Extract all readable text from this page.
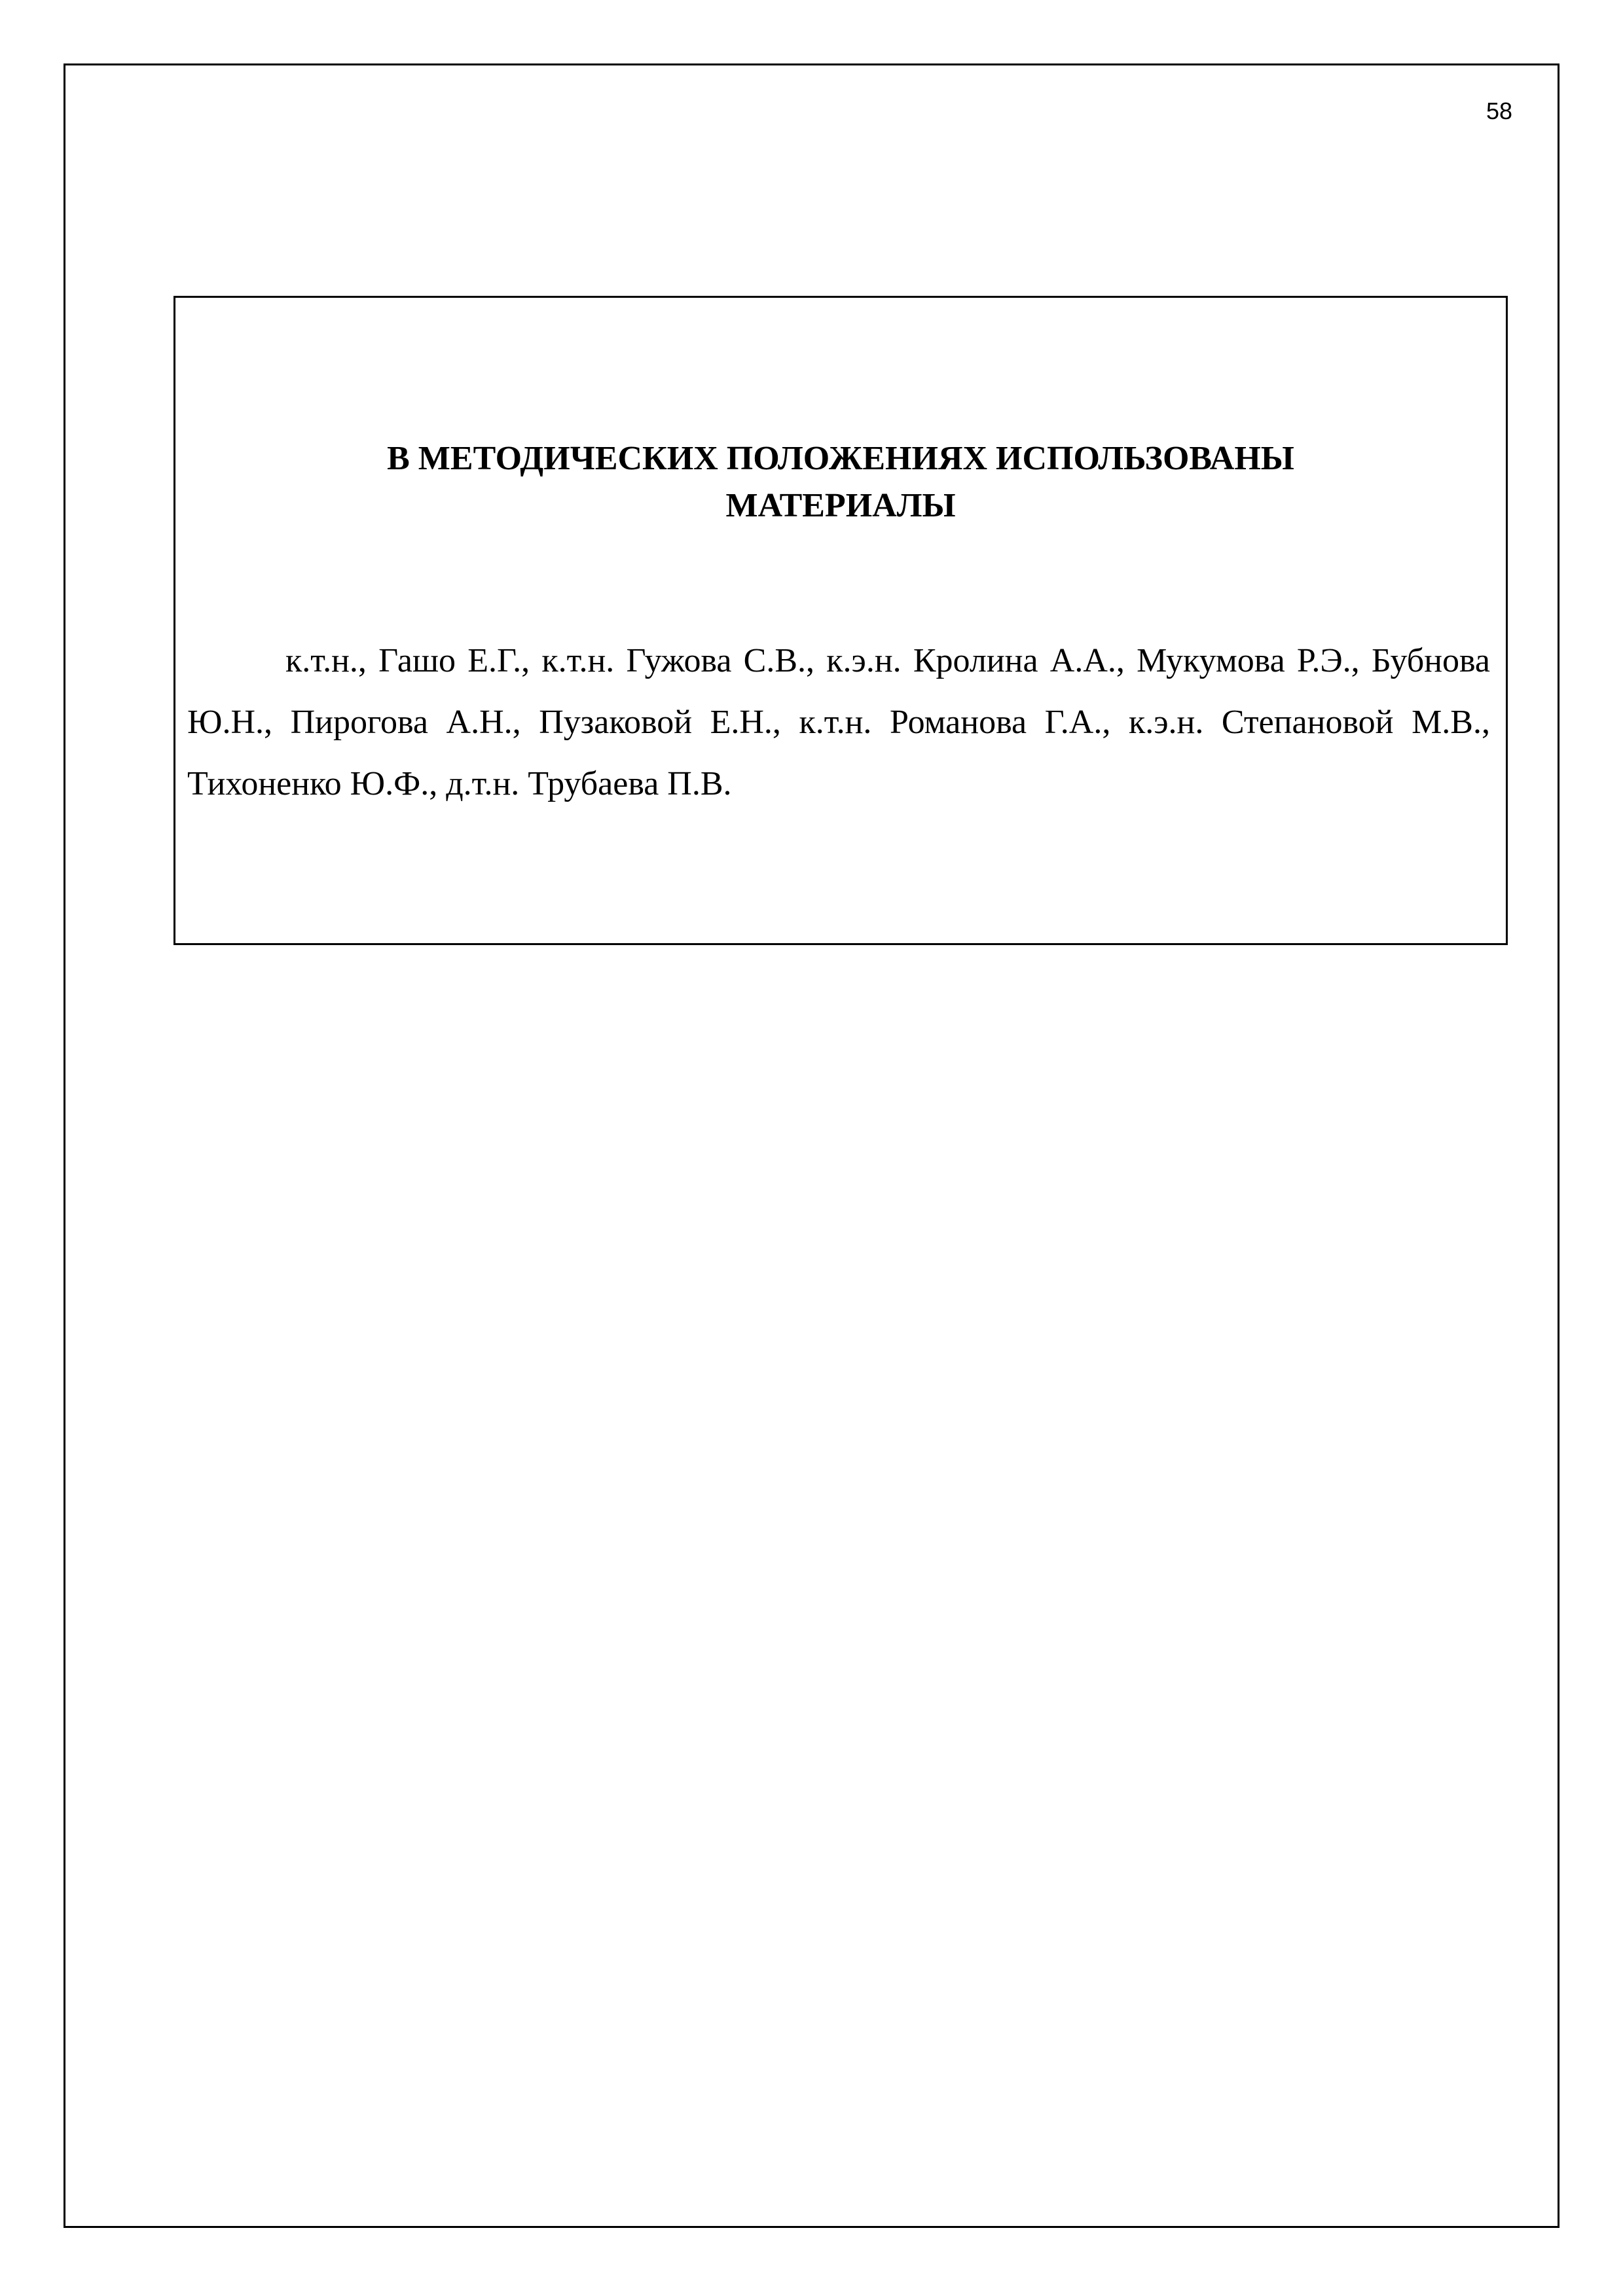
58
В МЕТОДИЧЕСКИХ ПОЛОЖЕНИЯХ ИСПОЛЬЗОВАНЫ
МАТЕРИАЛЫ

к.т.н., Гашо Е.Г., к.т.н. Гужова С.В., к.э.н. Кролина А.А., Мукумова Р.Э., Бубнова Ю.Н., Пирогова А.Н., Пузаковой Е.Н., к.т.н. Романова Г.А., к.э.н. Степановой М.В., Тихоненко Ю.Ф., д.т.н. Трубаева П.В.
